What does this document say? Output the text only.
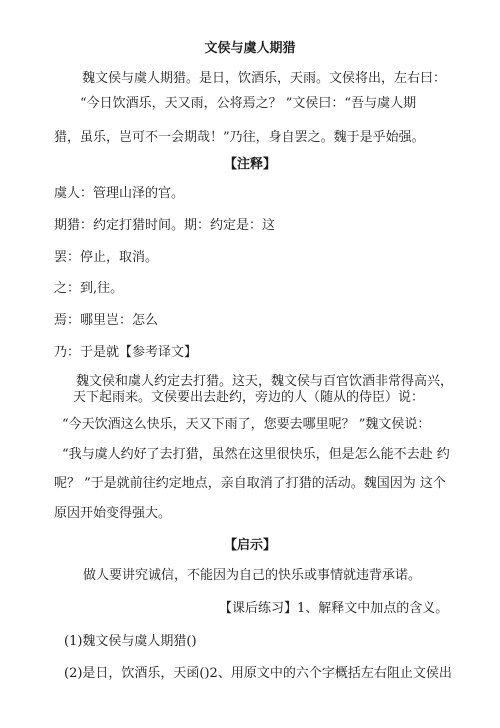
文侯与虞人期猎
魏文侯与虞人期猎。是日，饮酒乐，天雨。文侯将出，左右曰：
“今日饮酒乐，天又雨，公将焉之？ ”文侯曰：“吾与虞人期
猎，虽乐，岂可不一会期哉！”乃往，身自罢之。魏于是乎始强。
【注释】
虞人：管理山泽的官。
期猎：约定打猎时间。期：约定是：这
罢：停止，取消。
之：到,往。
焉：哪里岂：怎么
乃：于是就【参考译文】
魏文侯和虞人约定去打猎。这天，魏文侯与百官饮酒非常得高兴，
天下起雨来。文侯要出去赴约，旁边的人（随从的侍臣）说：
“今天饮酒这么快乐，天又下雨了，您要去哪里呢？ ”魏文侯说：
“我与虞人约好了去打猎，虽然在这里很快乐，但是怎么能不去赴 约
呢？ ”于是就前往约定地点，亲自取消了打猎的活动。魏国因为 这个
原因开始变得强大。
【启示】
做人要讲究诚信，不能因为自己的快乐或事情就违背承诺。
【课后练习】1、解释文中加点的含义。
(1)魏文侯与虞人期猎()
(2)是日，饮酒乐，天函()2、用原文中的六个字概括左右阻止文侯出
